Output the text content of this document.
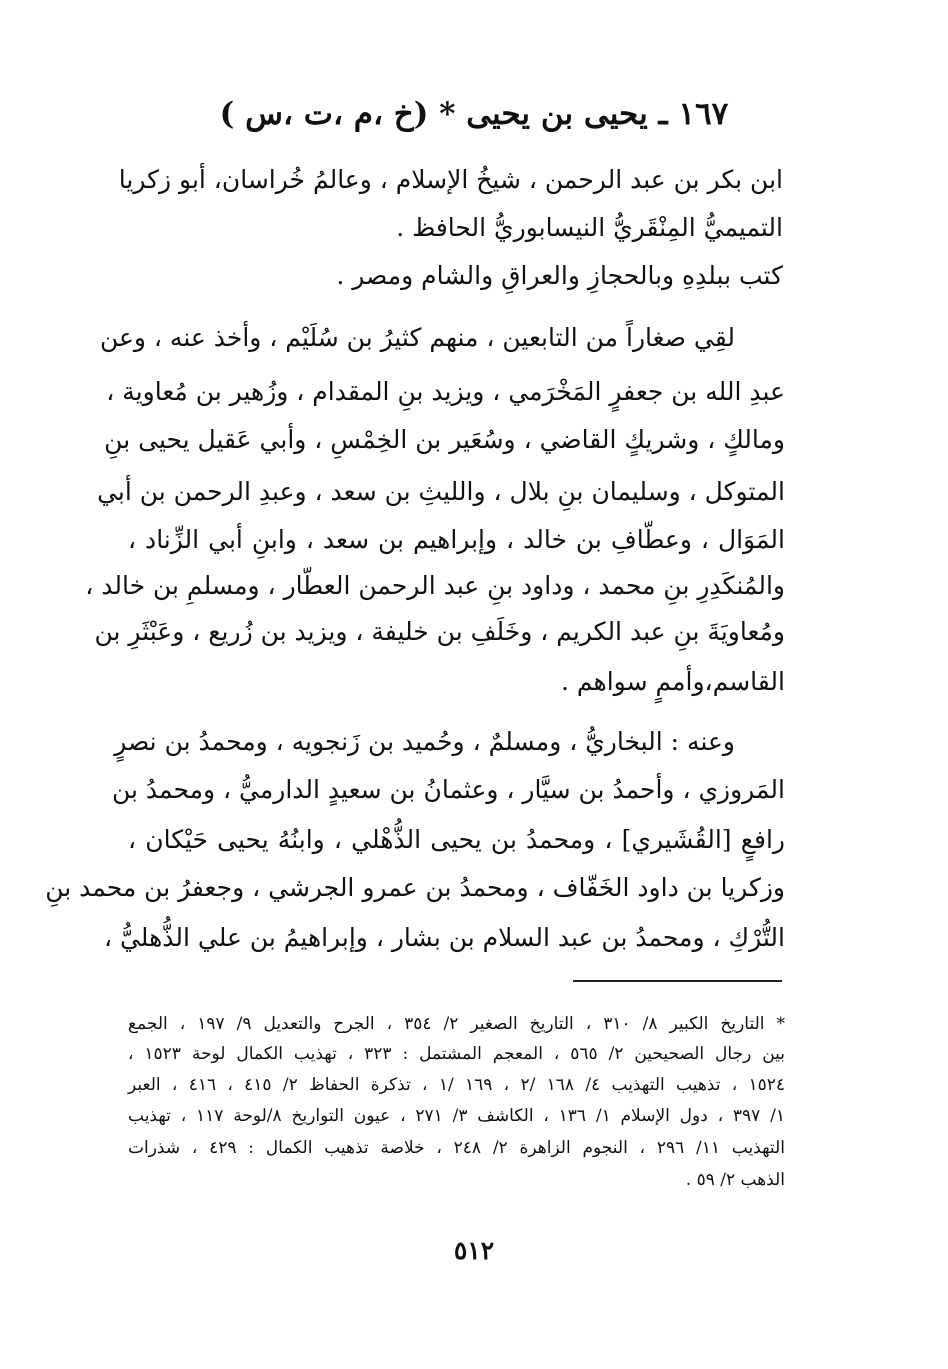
١٦٧ ـ يحيى بن يحيى * (خ ،م ،ت ،س )
ابن بكر بن عبد الرحمن ، شيخُ الإسلام ، وعالمُ خُراسان، أبو زكريا
التميميُّ المِنْقَريُّ النيسابوريُّ الحافظ .
كتب ببلدِهِ وبالحجازِ والعراقِ والشام ومصر .
لقِي صغاراً من التابعين ، منهم كثيرُ بن سُلَيْم ، وأخذ عنه ، وعن
عبدِ الله بن جعفرٍ المَخْرَمي ، ويزيد بنِ المقدام ، وزُهير بن مُعاوية ،
ومالكٍ ، وشريكٍ القاضي ، وسُعَير بن الخِمْسِ ، وأبي عَقيل يحيى بنِ
المتوكل ، وسليمان بنِ بلال ، والليثِ بن سعد ، وعبدِ الرحمن بن أبي
المَوَال ، وعطّافِ بن خالد ، وإبراهيم بن سعد ، وابنِ أبي الزِّناد ،
والمُنكَدِرِ بنِ محمد ، وداود بنِ عبد الرحمن العطّار ، ومسلمِ بن خالد ،
ومُعاويَةَ بنِ عبد الكريم ، وخَلَفِ بن خليفة ، ويزيد بن زُريع ، وعَبْثَرِ بن
القاسم،وأممٍ سواهم .
وعنه : البخاريُّ ، ومسلمٌ ، وحُميد بن زَنجويه ، ومحمدُ بن نصرٍ
المَروزي ، وأحمدُ بن سيَّار ، وعثمانُ بن سعيدٍ الدارميُّ ، ومحمدُ بن
رافعٍ [القُشَيري] ، ومحمدُ بن يحيى الذُّهْلي ، وابنُهُ يحيى حَيْكان ،
وزكريا بن داود الخَفّاف ، ومحمدُ بن عمرو الجرشي ، وجعفرُ بن محمد بنِ
التُّرْكِ ، ومحمدُ بن عبد السلام بن بشار ، وإبراهيمُ بن علي الذُّهليُّ ،
* التاريخ الكبير ٨/ ٣١٠ ، التاريخ الصغير ٢/ ٣٥٤ ، الجرح والتعديل ٩/ ١٩٧ ، الجمع
بين رجال الصحيحين ٢/ ٥٦٥ ، المعجم المشتمل : ٣٢٣ ، تهذيب الكمال لوحة ١٥٢٣ ،
١٥٢٤ ، تذهيب التهذيب ٤/ ١٦٨ /٢ ، ١٦٩ /١ ، تذكرة الحفاظ ٢/ ٤١٥ ، ٤١٦ ، العبر
١/ ٣٩٧ ، دول الإسلام ١/ ١٣٦ ، الكاشف ٣/ ٢٧١ ، عيون التواريخ ٨/لوحة ١١٧ ، تهذيب
التهذيب ١١/ ٢٩٦ ، النجوم الزاهرة ٢/ ٢٤٨ ، خلاصة تذهيب الكمال : ٤٢٩ ، شذرات
الذهب ٢/ ٥٩ .
٥١٢
